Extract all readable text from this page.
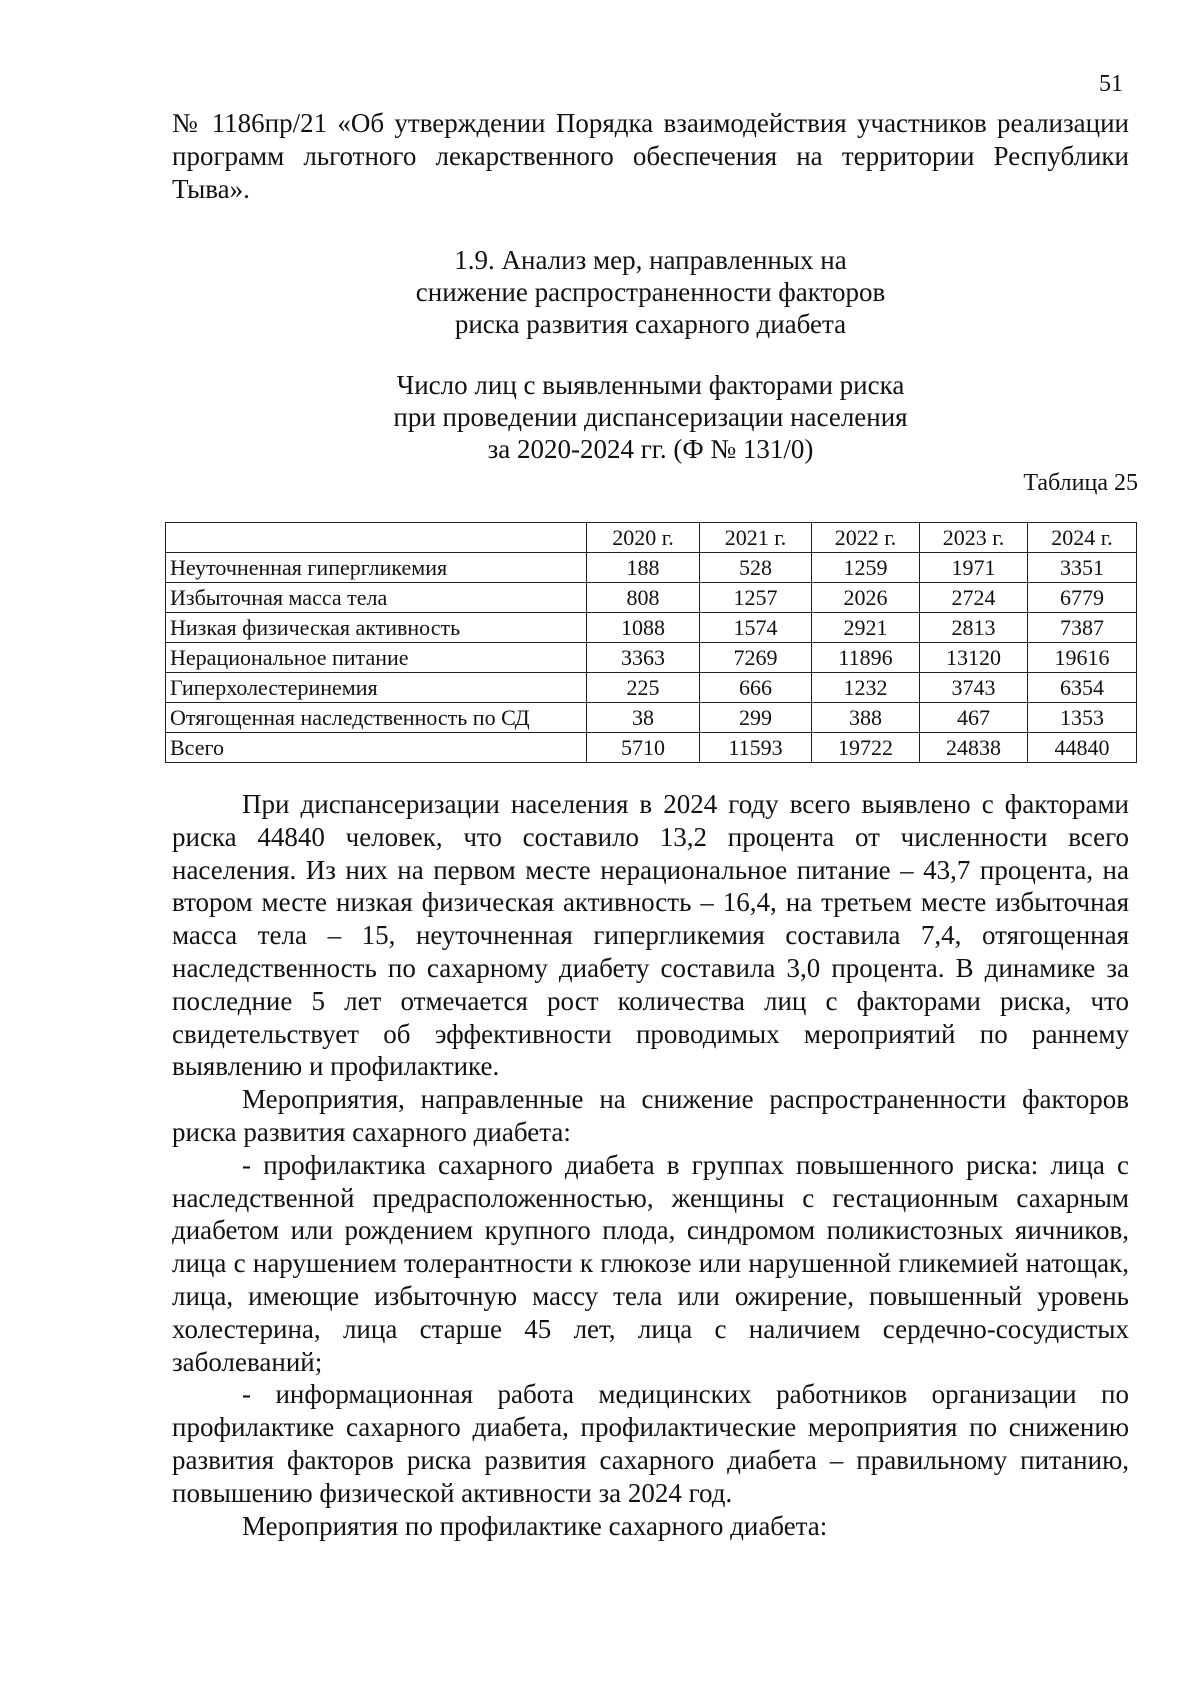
51
№ 1186пр/21 «Об утверждении Порядка взаимодействия участников реализации программ льготного лекарственного обеспечения на территории Республики Тыва».
1.9. Анализ мер, направленных на
снижение распространенности факторов
риска развития сахарного диабета
Число лиц с выявленными факторами риска
при проведении диспансеризации населения
за 2020-2024 гг. (Ф № 131/0)
Таблица 25
	2020 г.	2021 г.	2022 г.	2023 г.	2024 г.
Неуточненная гипергликемия	188	528	1259	1971	3351
Избыточная масса тела	808	1257	2026	2724	6779
Низкая физическая активность	1088	1574	2921	2813	7387
Нерациональное питание	3363	7269	11896	13120	19616
Гиперхолестеринемия	225	666	1232	3743	6354
Отягощенная наследственность по СД	38	299	388	467	1353
Всего	5710	11593	19722	24838	44840

При диспансеризации населения в 2024 году всего выявлено с факторами риска 44840 человек, что составило 13,2 процента от численности всего населения. Из них на первом месте нерациональное питание – 43,7 процента, на втором месте низкая физическая активность – 16,4, на третьем месте избыточная масса тела – 15, неуточненная гипергликемия составила 7,4, отягощенная наследственность по сахарному диабету составила 3,0 процента. В динамике за последние 5 лет отмечается рост количества лиц с факторами риска, что свидетельствует об эффективности проводимых мероприятий по раннему выявлению и профилактике.

Мероприятия, направленные на снижение распространенности факторов риска развития сахарного диабета:

- профилактика сахарного диабета в группах повышенного риска: лица с наследственной предрасположенностью, женщины с гестационным сахарным диабетом или рождением крупного плода, синдромом поликистозных яичников, лица с нарушением толерантности к глюкозе или нарушенной гликемией натощак, лица, имеющие избыточную массу тела или ожирение, повышенный уровень холестерина, лица старше 45 лет, лица с наличием сердечно-сосудистых заболеваний;

- информационная работа медицинских работников организации по профилактике сахарного диабета, профилактические мероприятия по снижению развития факторов риска развития сахарного диабета – правильному питанию, повышению физической активности за 2024 год.

Мероприятия по профилактике сахарного диабета:
